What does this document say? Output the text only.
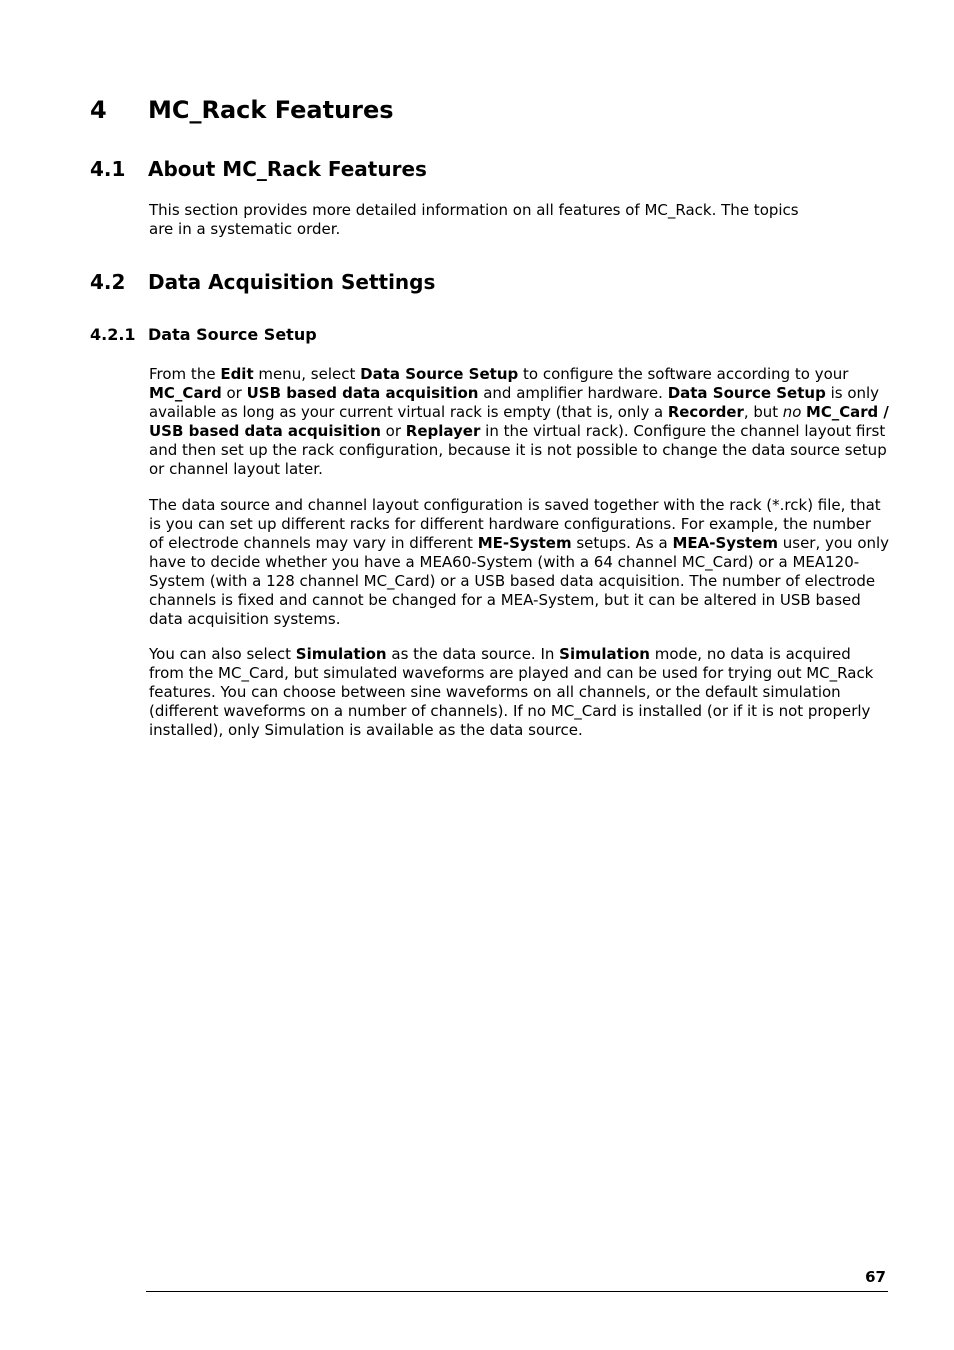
4 MC_Rack Features
4.1 About MC_Rack Features
This section provides more detailed information on all features of MC_Rack. The topics
are in a systematic order.
4.2 Data Acquisition Settings
4.2.1 Data Source Setup
From the Edit menu, select Data Source Setup to configure the software according to your
MC_Card or USB based data acquisition and amplifier hardware. Data Source Setup is only
available as long as your current virtual rack is empty (that is, only a Recorder, but no MC_Card /
USB based data acquisition or Replayer in the virtual rack). Configure the channel layout first
and then set up the rack configuration, because it is not possible to change the data source setup
or channel layout later.
The data source and channel layout configuration is saved together with the rack (*.rck) file, that
is you can set up different racks for different hardware configurations. For example, the number
of electrode channels may vary in different ME-System setups. As a MEA-System user, you only
have to decide whether you have a MEA60-System (with a 64 channel MC_Card) or a MEA120-
System (with a 128 channel MC_Card) or a USB based data acquisition. The number of electrode
channels is fixed and cannot be changed for a MEA-System, but it can be altered in USB based
data acquisition systems.
You can also select Simulation as the data source. In Simulation mode, no data is acquired
from the MC_Card, but simulated waveforms are played and can be used for trying out MC_Rack
features. You can choose between sine waveforms on all channels, or the default simulation
(different waveforms on a number of channels). If no MC_Card is installed (or if it is not properly
installed), only Simulation is available as the data source.
67
